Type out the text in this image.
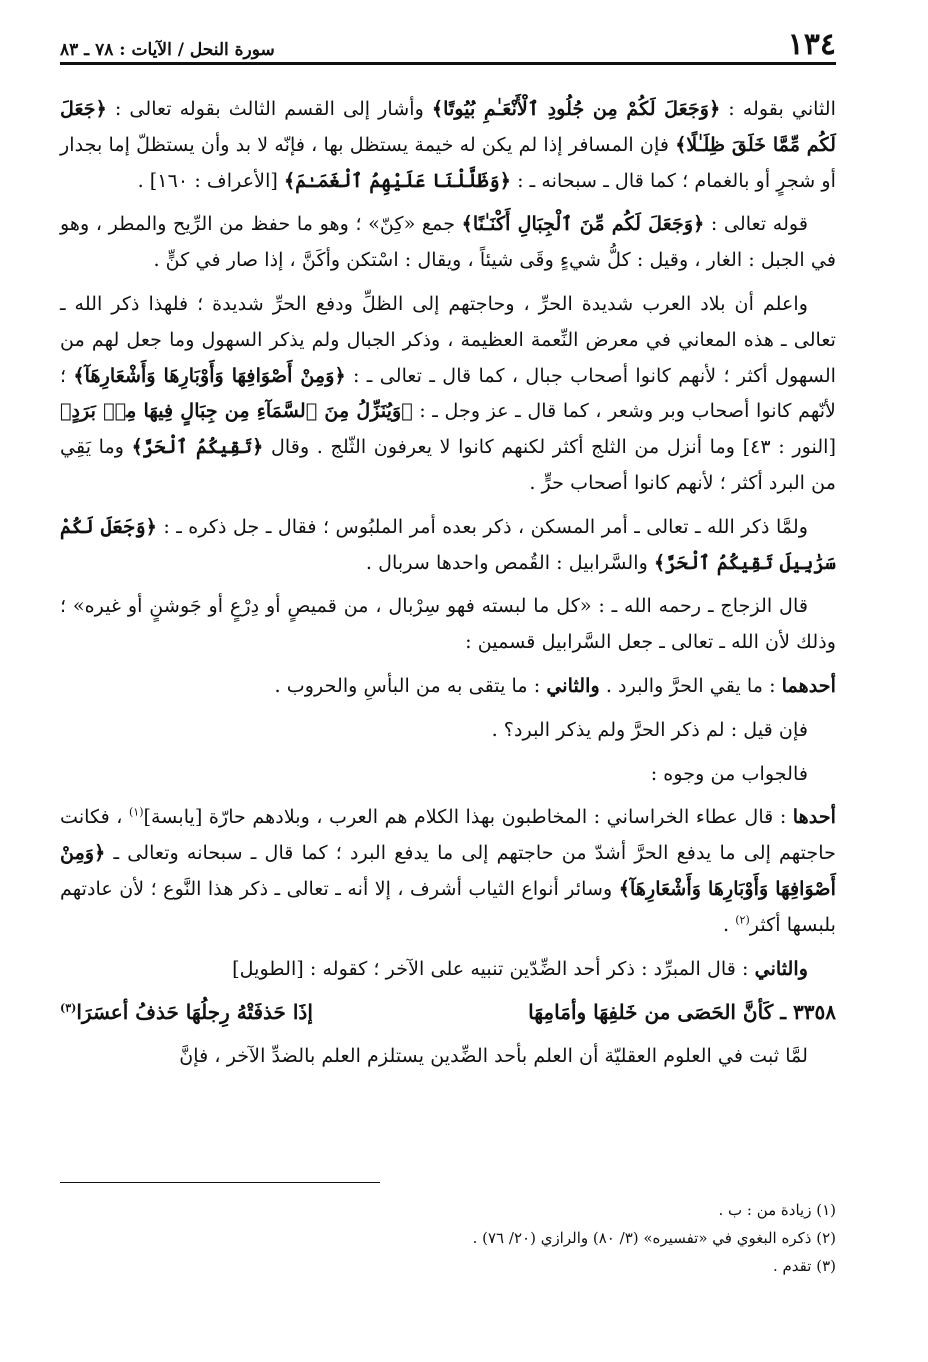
١٣٤
سورة النحل / الآيات : ٧٨ ـ ٨٣

الثاني بقوله : ﴿وَجَعَلَ لَكُمْ مِن جُلُودِ ٱلْأَنْعَـٰمِ بُيُوتًا﴾ وأشار إلى القسم الثالث بقوله تعالى : ﴿جَعَلَ لَكُم مِّمَّا خَلَقَ ظِلَـٰلًا﴾ فإن المسافر إذا لم يكن له خيمة يستظل بها ، فإنّه لا بد وأن يستظلّ إما بجدار أو شجرٍ أو بالغمام ؛ كما قال ـ سبحانه ـ : ﴿وَظَلَّلْنَا عَلَيْهِمُ ٱلْغَمَـٰمَ﴾ [الأعراف : ١٦٠] .

قوله تعالى : ﴿وَجَعَلَ لَكُم مِّنَ ٱلْجِبَالِ أَكْنَـٰنًا﴾ جمع «كِنّ» ؛ وهو ما حفظ من الرِّيح والمطر ، وهو في الجبل : الغار ، وقيل : كلُّ شيءٍ وقَى شيئاً ، ويقال : اسْتكن وأكَنَّ ، إذا صار في كنٍّ .

واعلم أن بلاد العرب شديدة الحرِّ ، وحاجتهم إلى الظلِّ ودفع الحرِّ شديدة ؛ فلهذا ذكر الله ـ تعالى ـ هذه المعاني في معرض النِّعمة العظيمة ، وذكر الجبال ولم يذكر السهول وما جعل لهم من السهول أكثر ؛ لأنهم كانوا أصحاب جبال ، كما قال ـ تعالى ـ : ﴿وَمِنْ أَصْوَافِهَا وَأَوْبَارِهَا وَأَشْعَارِهَآ﴾ ؛ لأنّهم كانوا أصحاب وبر وشعر ، كما قال ـ عز وجل ـ : ﴿وَيُنَزِّلُ مِنَ ٱلسَّمَآءِ مِن جِبَالٍ فِيهَا مِنۢ بَرَدٍ﴾ [النور : ٤٣] وما أنزل من الثلج أكثر لكنهم كانوا لا يعرفون الثّلج . وقال ﴿تَقِيكُمُ ٱلْحَرَّ﴾ وما يَقِي من البرد أكثر ؛ لأنهم كانوا أصحاب حرٍّ .

ولمَّا ذكر الله ـ تعالى ـ أمر المسكن ، ذكر بعده أمر الملبُوس ؛ فقال ـ جل ذكره ـ : ﴿وَجَعَلَ لَكُمْ سَرَٰبِيلَ تَقِيكُمُ ٱلْحَرَّ﴾ والسَّرابيل : القُمص واحدها سربال .

قال الزجاج ـ رحمه الله ـ : «كل ما لبسته فهو سِرْبال ، من قميصٍ أو دِرْعٍ أو جَوشنٍ أو غيره» ؛ وذلك لأن الله ـ تعالى ـ جعل السَّرابيل قسمين :

أحدهما : ما يقي الحرَّ والبرد . والثاني : ما يتقى به من البأسِ والحروب .

فإن قيل : لم ذكر الحرَّ ولم يذكر البرد؟ .

فالجواب من وجوه :

أحدها : قال عطاء الخراساني : المخاطبون بهذا الكلام هم العرب ، وبلادهم حارّة [يابسة]$^{(١)}$ ، فكانت حاجتهم إلى ما يدفع الحرَّ أشدّ من حاجتهم إلى ما يدفع البرد ؛ كما قال ـ سبحانه وتعالى ـ ﴿وَمِنْ أَصْوَافِهَا وَأَوْبَارِهَا وَأَشْعَارِهَآ﴾ وسائر أنواع الثياب أشرف ، إلا أنه ـ تعالى ـ ذكر هذا النَّوع ؛ لأن عادتهم بلبسها أكثر$^{(٢)}$ .

والثاني : قال المبرِّد : ذكر أحد الضِّدّين تنبيه على الآخر ؛ كقوله : [الطويل]

٣٣٥٨ ـ كَأنَّ الحَصَى من خَلفِهَا وأمَامِهَا
إذَا حَذفَتْهُ رِجلُهَا حَذفُ أعسَرَا$^{(٣)}$

لمَّا ثبت في العلوم العقليّة أن العلم بأحد الضِّدين يستلزم العلم بالضدِّ الآخر ، فإنَّ

(١) زيادة من : ب .
(٢) ذكره البغوي في «تفسيره» (٣/ ٨٠) والرازي (٢٠/ ٧٦) .
(٣) تقدم .
